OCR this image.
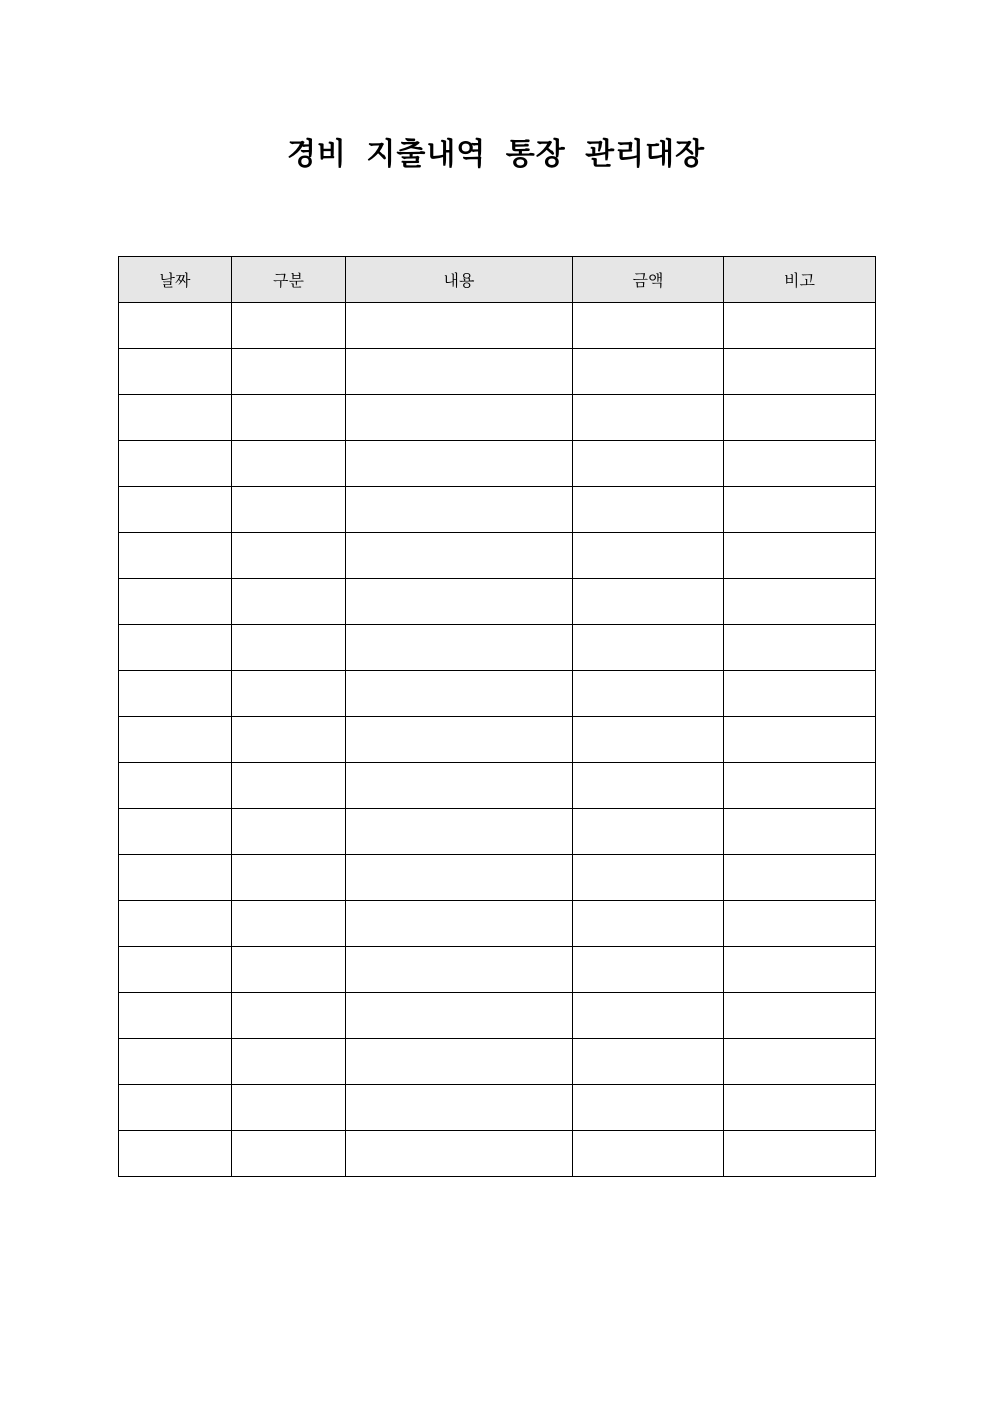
경비 지출내역 통장 관리대장
날짜	구분	내용	금액	비고
